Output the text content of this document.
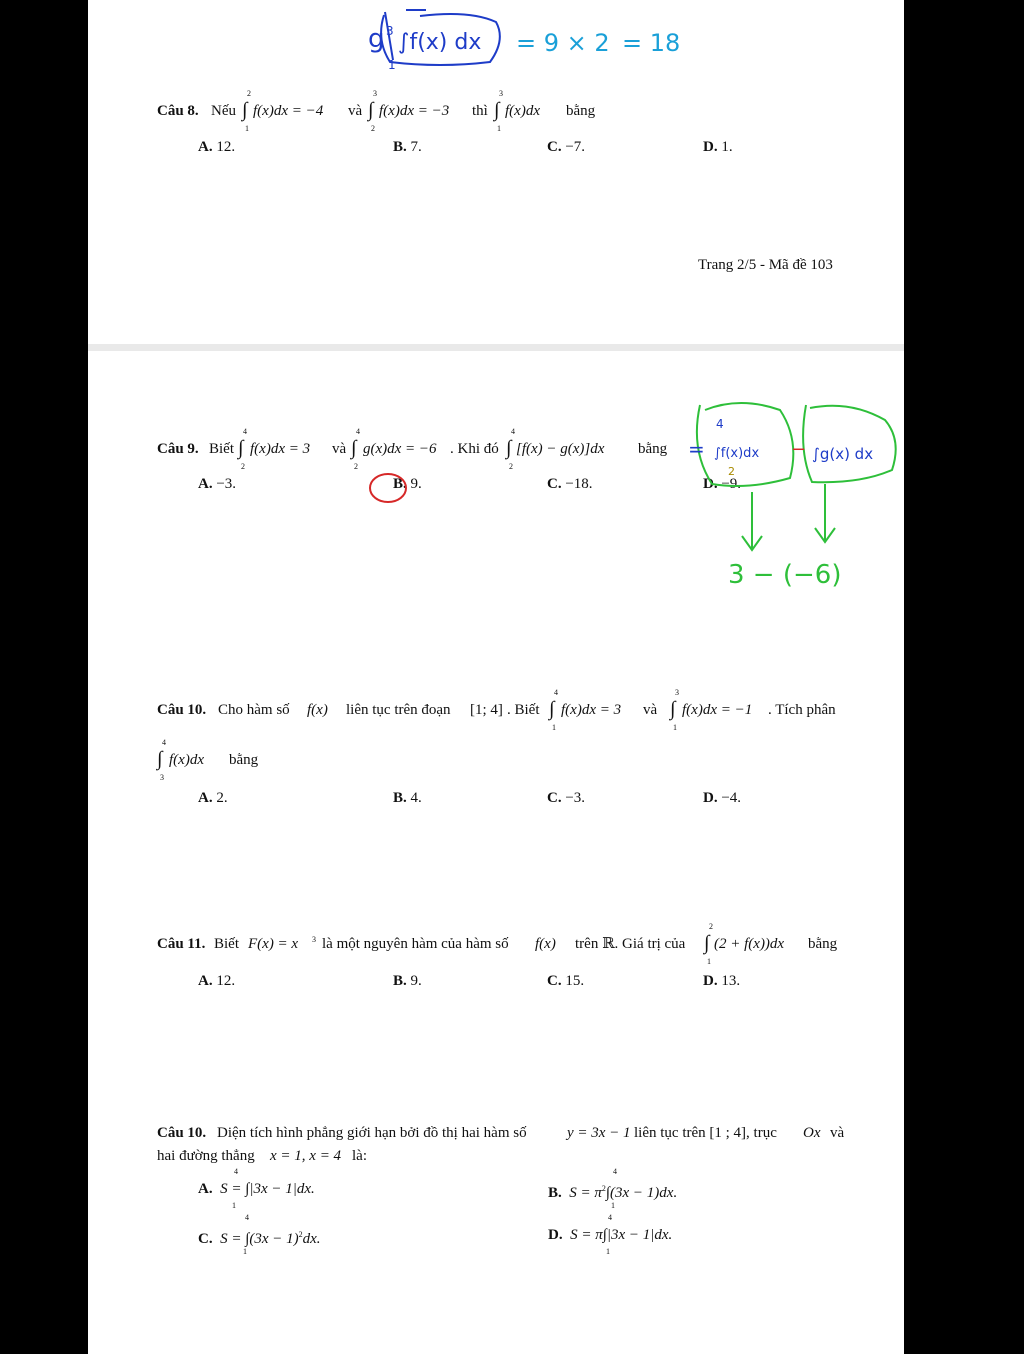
g 3
1
∫f(x) dx = 9 × 2 = 18
Câu 8. Nếu ∫
2
1
f(x)dx = −4 và ∫
3
2
f(x)dx = −3 thì ∫
3
1
f(x)dx bằng
A. 12.	B. 7.	C. −7.	D. 1.
Trang 2/5 - Mã đề 103
Câu 9. Biết ∫
4
2
f(x)dx = 3 và ∫
4
2
g(x)dx = −6 . Khi đó ∫
4
2
[f(x) − g(x)]dx bằng
A. −3.	B. 9.	C. −18.	D. −9.
= ∫f(x)dx − ∫g(x) dx
4
2
3 − (−6)
Câu 10. Cho hàm số f(x) liên tục trên đoạn [1; 4] . Biết ∫
4
1
f(x)dx = 3 và ∫
3
1
f(x)dx = −1 . Tích phân
∫
4
3
f(x)dx bằng
A. 2.	B. 4.	C. −3.	D. −4.
Câu 11. Biết F(x) = x 3 là một nguyên hàm của hàm số f(x) trên ℝ. Giá trị của ∫
2
1
(2 + f(x))dx bằng
A. 12.	B. 9.	C. 15.	D. 13.
Câu 10. Diện tích hình phẳng giới hạn bởi đồ thị hai hàm số	y = 3x − 1 liên tục trên [1 ; 4], trục Ox và
hai đường thẳng x = 1, x = 4 là:
A. S = ∫|3x − 1|dx.
4
1
B. $S = \pi^2\int(3x - 1)dx$.
4
1
C. $S = \int(3x - 1)^2dx$.
4
1
D. S = π∫|3x − 1|dx.
4
1
